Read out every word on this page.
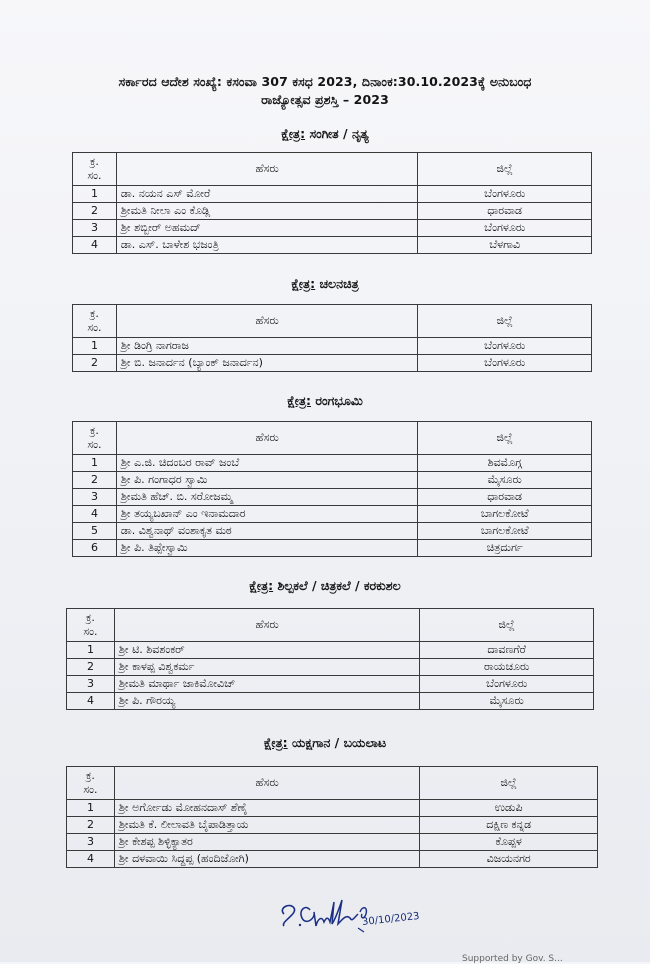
ಸರ್ಕಾರದ ಆದೇಶ ಸಂಖ್ಯೆ: ಕಸಂವಾ 307 ಕಸಧ 2023, ದಿನಾಂಕ:30.10.2023ಕ್ಕೆ ಅನುಬಂಧ
ರಾಜ್ಯೋತ್ಸವ ಪ್ರಶಸ್ತಿ – 2023
ಕ್ಷೇತ್ರ: ಸಂಗೀತ / ನೃತ್ಯ
ಕ್ರ.
ಸಂ.	ಹೆಸರು	ಜಿಲ್ಲೆ
1	ಡಾ. ನಯನ ಎಸ್ ಮೋರೆ	ಬೆಂಗಳೂರು
2	ಶ್ರೀಮತಿ ನೀಲಾ ಎಂ ಕೊಡ್ಲಿ	ಧಾರವಾಡ
3	ಶ್ರೀ ಶಬ್ಬೀರ್ ಅಹಮದ್	ಬೆಂಗಳೂರು
4	ಡಾ. ಎಸ್. ಬಾಳೇಶ ಭಜಂತ್ರಿ	ಬೆಳಗಾವಿ
ಕ್ಷೇತ್ರ: ಚಲನಚಿತ್ರ
ಕ್ರ.
ಸಂ.	ಹೆಸರು	ಜಿಲ್ಲೆ
1	ಶ್ರೀ ಡಿಂಗ್ರಿ ನಾಗರಾಜ	ಬೆಂಗಳೂರು
2	ಶ್ರೀ ಬಿ. ಜನಾರ್ದನ (ಬ್ಯಾಂಕ್ ಜನಾರ್ದನ)	ಬೆಂಗಳೂರು
ಕ್ಷೇತ್ರ: ರಂಗಭೂಮಿ
ಕ್ರ.
ಸಂ.	ಹೆಸರು	ಜಿಲ್ಲೆ
1	ಶ್ರೀ ಎ.ಜಿ. ಚಿದಂಬರ ರಾವ್ ಜಂಬೆ	ಶಿವಮೊಗ್ಗ
2	ಶ್ರೀ ಪಿ. ಗಂಗಾಧರ ಸ್ವಾಮಿ	ಮೈಸೂರು
3	ಶ್ರೀಮತಿ ಹೆಚ್. ಬಿ. ಸರೋಜಮ್ಮ	ಧಾರವಾಡ
4	ಶ್ರೀ ತಯ್ಯಬಖಾನ್ ಎಂ ಇನಾಮದಾರ	ಬಾಗಲಕೋಟೆ
5	ಡಾ. ವಿಶ್ವನಾಥ್ ವಂಶಾಕೃತ ಮಠ	ಬಾಗಲಕೋಟೆ
6	ಶ್ರೀ ಪಿ. ತಿಪ್ಪೇಸ್ವಾಮಿ	ಚಿತ್ರದುರ್ಗ
ಕ್ಷೇತ್ರ: ಶಿಲ್ಪಕಲೆ / ಚಿತ್ರಕಲೆ / ಕರಕುಶಲ
ಕ್ರ.
ಸಂ.	ಹೆಸರು	ಜಿಲ್ಲೆ
1	ಶ್ರೀ ಟಿ. ಶಿವಶಂಕರ್	ದಾವಣಗೆರೆ
2	ಶ್ರೀ ಕಾಳಪ್ಪ ವಿಶ್ವಕರ್ಮ	ರಾಯಚೂರು
3	ಶ್ರೀಮತಿ ಮಾರ್ಥಾ ಜಾಕಿಮೋವಿಚ್	ಬೆಂಗಳೂರು
4	ಶ್ರೀ ಪಿ. ಗೌರಯ್ಯ	ಮೈಸೂರು
ಕ್ಷೇತ್ರ: ಯಕ್ಷಗಾನ / ಬಯಲಾಟ
ಕ್ರ.
ಸಂ.	ಹೆಸರು	ಜಿಲ್ಲೆ
1	ಶ್ರೀ ಅರ್ಗೋಡು ಮೋಹನದಾಸ್ ಶೆಣೈ	ಉಡುಪಿ
2	ಶ್ರೀಮತಿ ಕೆ. ಲೀಲಾವತಿ ಬೈಪಾಡಿತ್ತಾಯ	ದಕ್ಷಿಣ ಕನ್ನಡ
3	ಶ್ರೀ ಕೇಶಪ್ಪ ಶಿಳ್ಳಿಕ್ಯಾತರ	ಕೊಪ್ಪಳ
4	ಶ್ರೀ ದಳವಾಯಿ ಸಿದ್ದಪ್ಪ (ಹಂದಿಜೋಗಿ)	ವಿಜಯನಗರ
30/10/2023
Supported by Gov. S...
